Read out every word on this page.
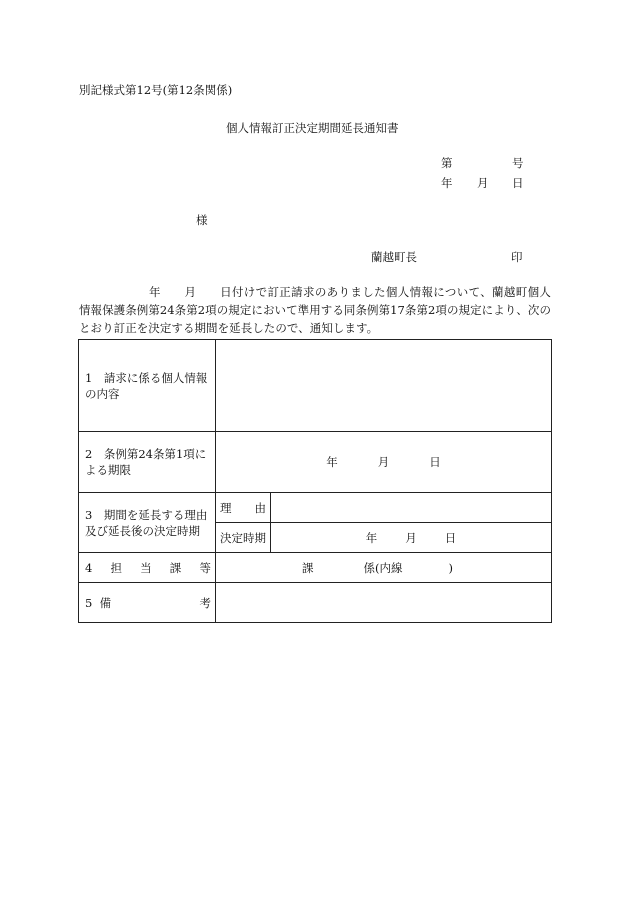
別記様式第12号(第12条関係)
個人情報訂正決定期間延長通知書
第	号
年 月 日
様
蘭越町長	印

年　　月　　日付けで訂正請求のありました個人情報について、蘭越町個人情報保護条例第24条第2項の規定において準用する同条例第17条第2項の規定により、次のとおり訂正を決定する期間を延長したので、通知します。

1　請求に係る個人情報の内容		
2　条例第24条第1項による期限	年 月 日	
3　期間を延長する理由及び延長後の決定時期	理　　由	
	決定時期	年 月 日

4 担 当 課 等	課 係(内線 )	

5 備 考		
